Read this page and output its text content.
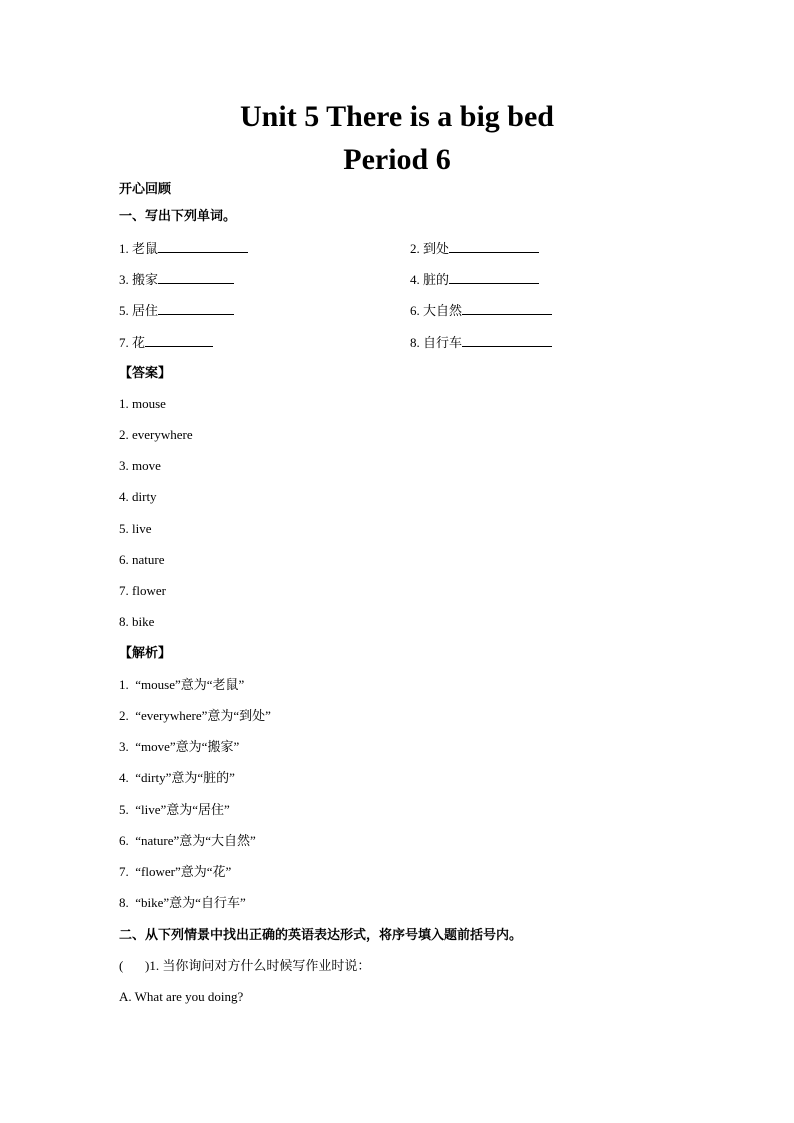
Unit 5 There is a big bed
Period 6
开心回顾
一、写出下列单词。
1. 老鼠	2. 到处
3. 搬家	4. 脏的
5. 居住	6. 大自然
7. 花	8. 自行车
【答案】
1. mouse
2. everywhere
3. move
4. dirty
5. live
6. nature
7. flower
8. bike
【解析】
1.  “mouse”意为“老鼠”
2.  “everywhere”意为“到处”
3.  “move”意为“搬家”
4.  “dirty”意为“脏的”
5.  “live”意为“居住”
6.  “nature”意为“大自然”
7.  “flower”意为“花”
8.  “bike”意为“自行车”
二、从下列情景中找出正确的英语表达形式，将序号填入题前括号内。
( )1. 当你询问对方什么时候写作业时说：
A. What are you doing?
